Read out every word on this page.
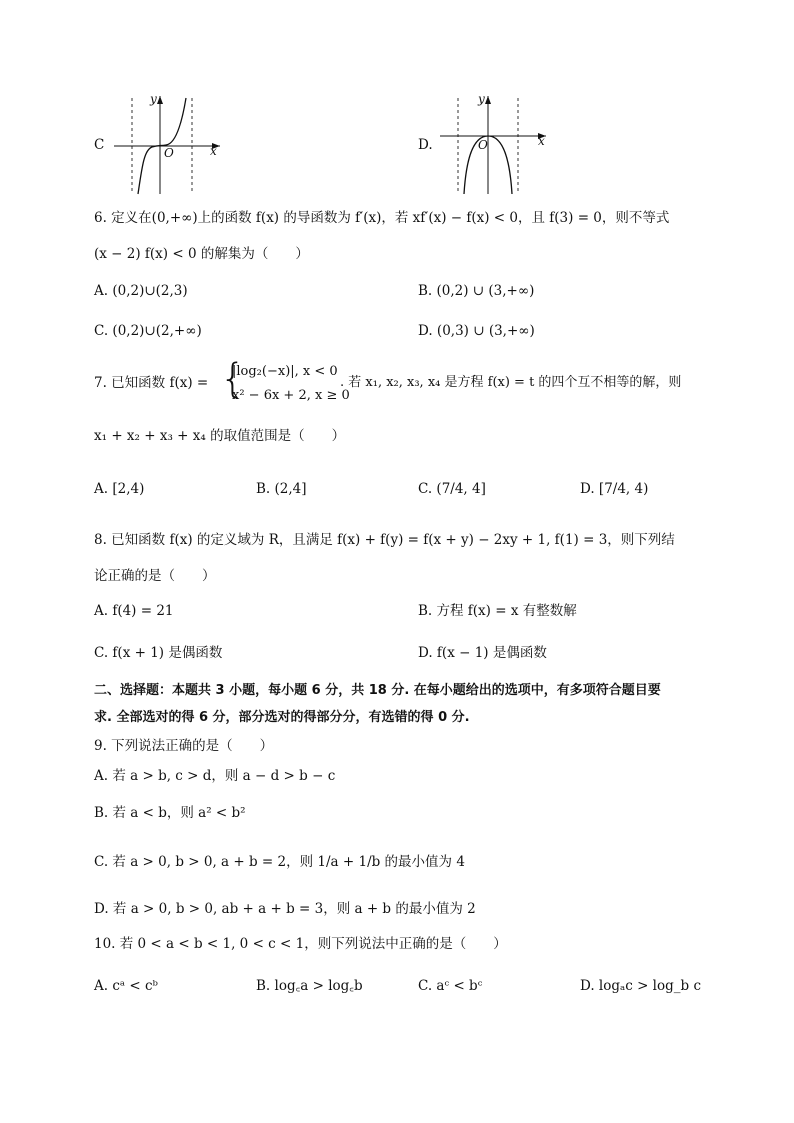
C
y
x
O	D.
y
x
O
6. 定义在(0,+∞)上的函数 f(x) 的导函数为 f′(x)，若 xf′(x) − f(x) < 0，且 f(3) = 0，则不等式
(x − 2) f(x) < 0 的解集为（　　）
A. (0,2)∪(2,3)	B. (0,2) ∪ (3,+∞)
C. (0,2)∪(2,+∞)	D. (0,3) ∪ (3,+∞)
7. 已知函数 f(x) = {
|log₂(−x)|, x < 0
x² − 6x + 2, x ≥ 0
. 若 x₁, x₂, x₃, x₄ 是方程 f(x) = t 的四个互不相等的解，则
x₁ + x₂ + x₃ + x₄ 的取值范围是（　　）
A. [2,4)	B. (2,4]	C. (7/4, 4]	D. [7/4, 4)
8. 已知函数 f(x) 的定义域为 R，且满足 f(x) + f(y) = f(x + y) − 2xy + 1, f(1) = 3，则下列结
论正确的是（　　）
A. f(4) = 21	B. 方程 f(x) = x 有整数解
C. f(x + 1) 是偶函数	D. f(x − 1) 是偶函数
二、选择题：本题共 3 小题，每小题 6 分，共 18 分. 在每小题给出的选项中，有多项符合题目要
求. 全部选对的得 6 分，部分选对的得部分分，有选错的得 0 分.
9. 下列说法正确的是（　　）
A. 若 a > b, c > d，则 a − d > b − c
B. 若 a < b，则 a² < b²
C. 若 a > 0, b > 0, a + b = 2，则 1/a + 1/b 的最小值为 4
D. 若 a > 0, b > 0, ab + a + b = 3，则 a + b 的最小值为 2
10. 若 0 < a < b < 1, 0 < c < 1，则下列说法中正确的是（　　）
A. cᵃ < cᵇ	B. log꜀a > log꜀b	C. aᶜ < bᶜ	D. logₐc > log_b c
